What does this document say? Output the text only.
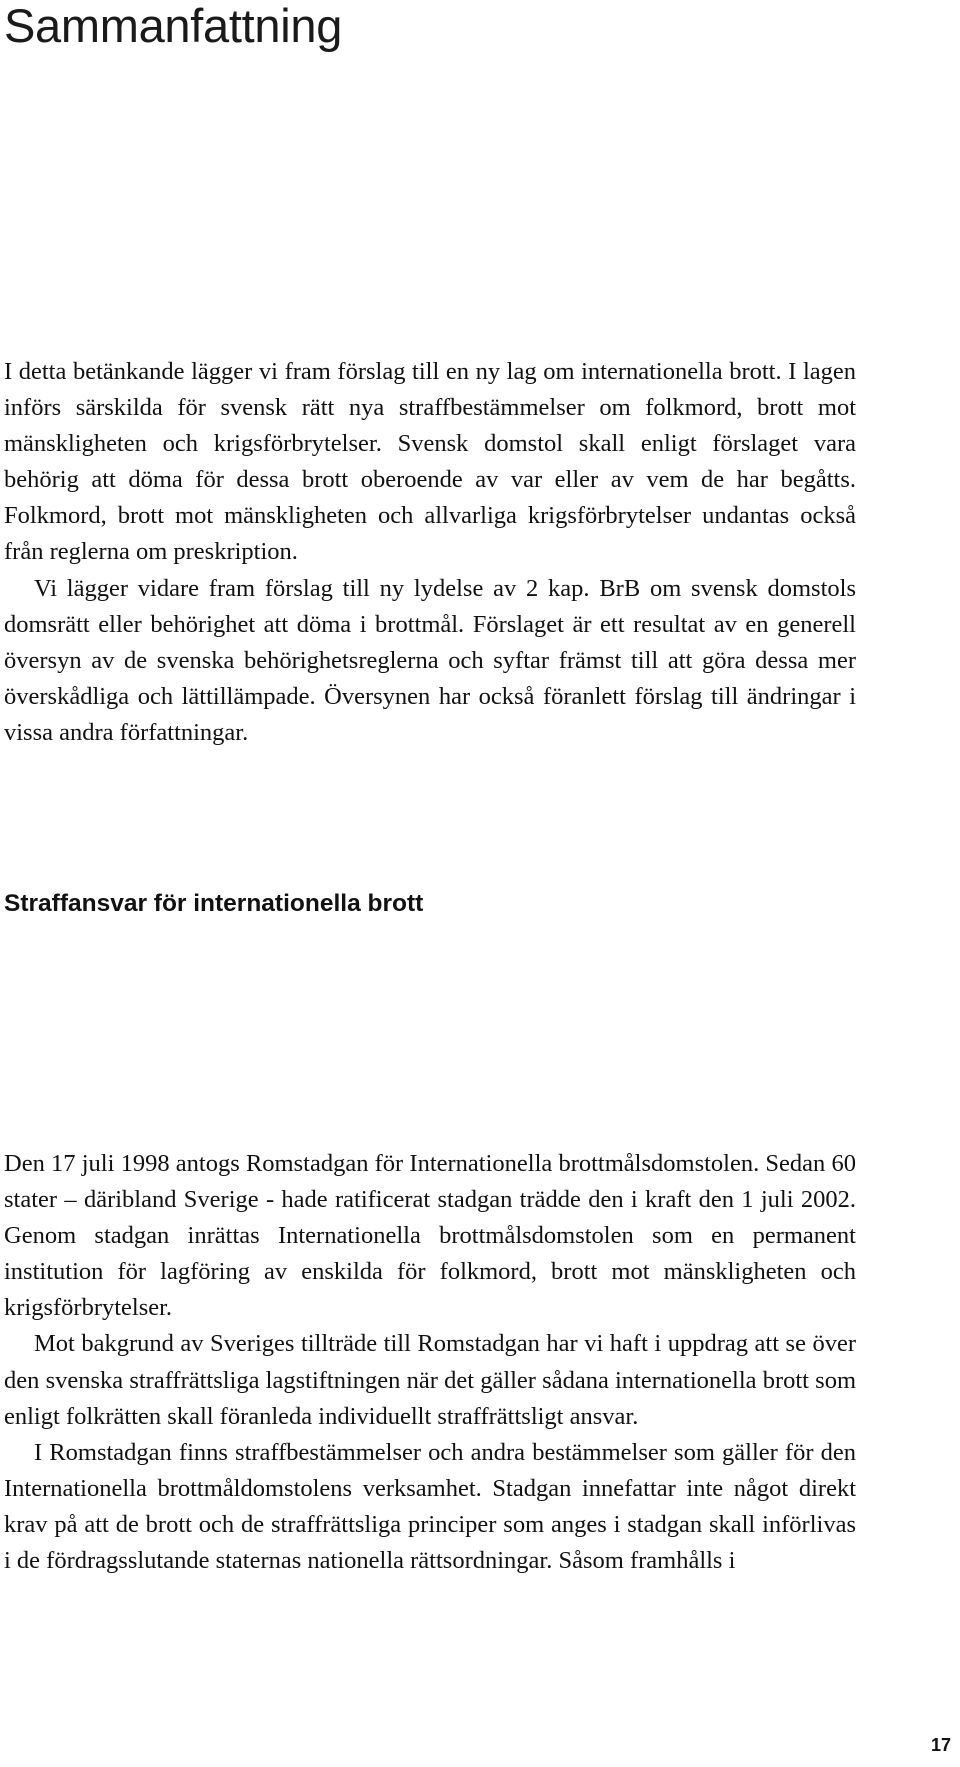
Sammanfattning

I detta betänkande lägger vi fram förslag till en ny lag om internationella brott. I lagen införs särskilda för svensk rätt nya straffbestämmelser om folkmord, brott mot mänskligheten och krigsförbrytelser. Svensk domstol skall enligt förslaget vara behörig att döma för dessa brott oberoende av var eller av vem de har begåtts. Folkmord, brott mot mänskligheten och allvarliga krigsförbrytelser undantas också från reglerna om preskription.

Vi lägger vidare fram förslag till ny lydelse av 2 kap. BrB om svensk domstols domsrätt eller behörighet att döma i brottmål. Förslaget är ett resultat av en generell översyn av de svenska behörighetsreglerna och syftar främst till att göra dessa mer överskådliga och lättillämpade. Översynen har också föranlett förslag till ändringar i vissa andra författningar.

Straffansvar för internationella brott

Den 17 juli 1998 antogs Romstadgan för Internationella brottmålsdomstolen. Sedan 60 stater – däribland Sverige - hade ratificerat stadgan trädde den i kraft den 1 juli 2002. Genom stadgan inrättas Internationella brottmålsdomstolen som en permanent institution för lagföring av enskilda för folkmord, brott mot mänskligheten och krigsförbrytelser.

Mot bakgrund av Sveriges tillträde till Romstadgan har vi haft i uppdrag att se över den svenska straffrättsliga lagstiftningen när det gäller sådana internationella brott som enligt folkrätten skall föranleda individuellt straffrättsligt ansvar.

I Romstadgan finns straffbestämmelser och andra bestämmelser som gäller för den Internationella brottmåldomstolens verksamhet. Stadgan innefattar inte något direkt krav på att de brott och de straffrättsliga principer som anges i stadgan skall införlivas i de fördragsslutande staternas nationella rättsordningar. Såsom framhålls i

17
